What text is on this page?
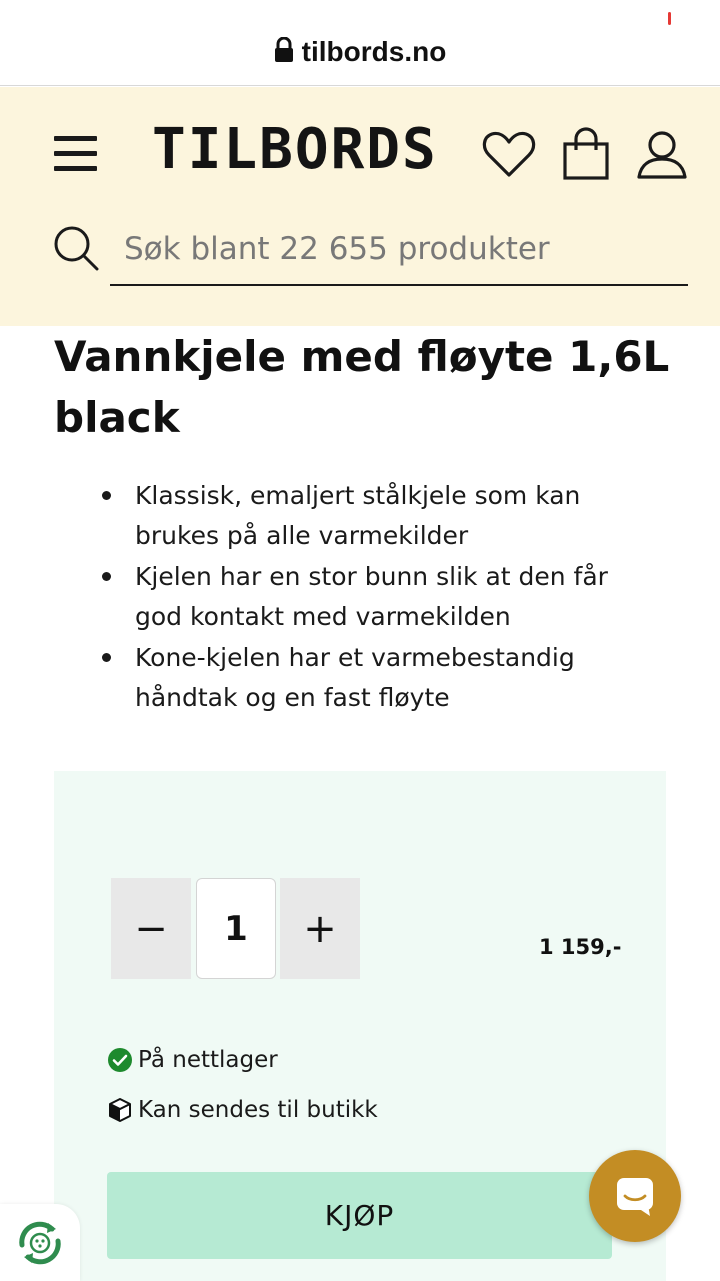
tilbords.no
TILBORDS
Søk blant 22 655 produkter
Vannkjele med fløyte 1,6L black
Klassisk, emaljert stålkjele som kan brukes på alle varmekilder
Kjelen har en stor bunn slik at den får god kontakt med varmekilden
Kone-kjelen har et varmebestandig håndtak og en fast fløyte
−
1	+	1 159,-
På nettlager
Kan sendes til butikk
KJØP
